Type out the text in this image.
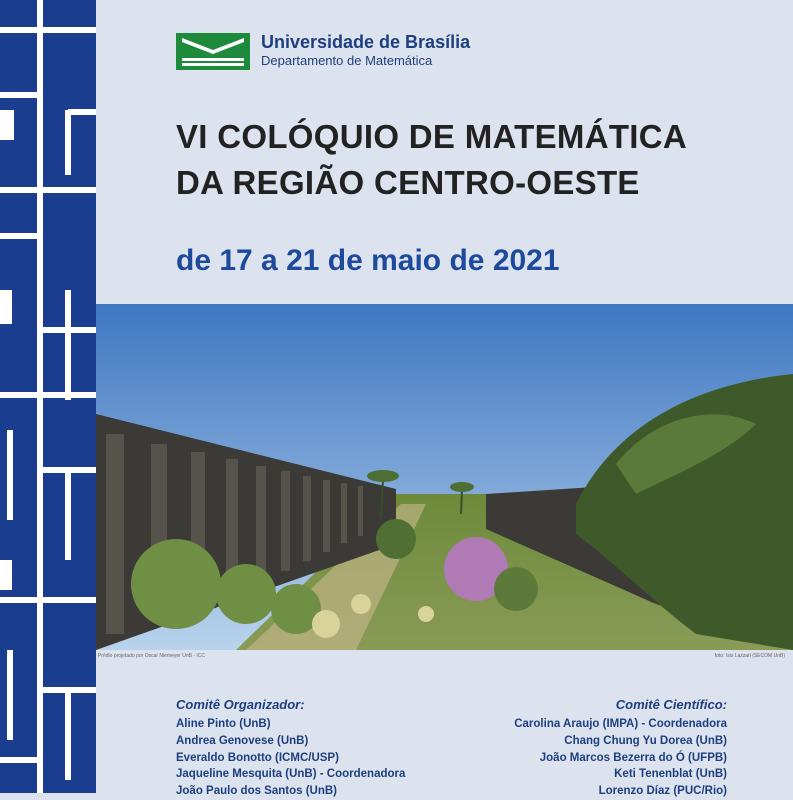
Universidade de Brasília
Departamento de Matemática
VI COLÓQUIO DE MATEMÁTICA
DA REGIÃO CENTRO-OESTE
de 17 a 21 de maio de 2021
Prédio projetado por Oscar Niemeyer UnB - ICC	foto: Isis Lazzari (SECOM UnB)
Comitê Organizador:
Aline Pinto (UnB)
Andrea Genovese (UnB)
Everaldo Bonotto (ICMC/USP)
Jaqueline Mesquita (UnB) - Coordenadora
João Paulo dos Santos (UnB)
Comitê Científico:
Carolina Araujo (IMPA) - Coordenadora
Chang Chung Yu Dorea (UnB)
João Marcos Bezerra do Ó (UFPB)
Keti Tenenblat (UnB)
Lorenzo Díaz (PUC/Rio)
